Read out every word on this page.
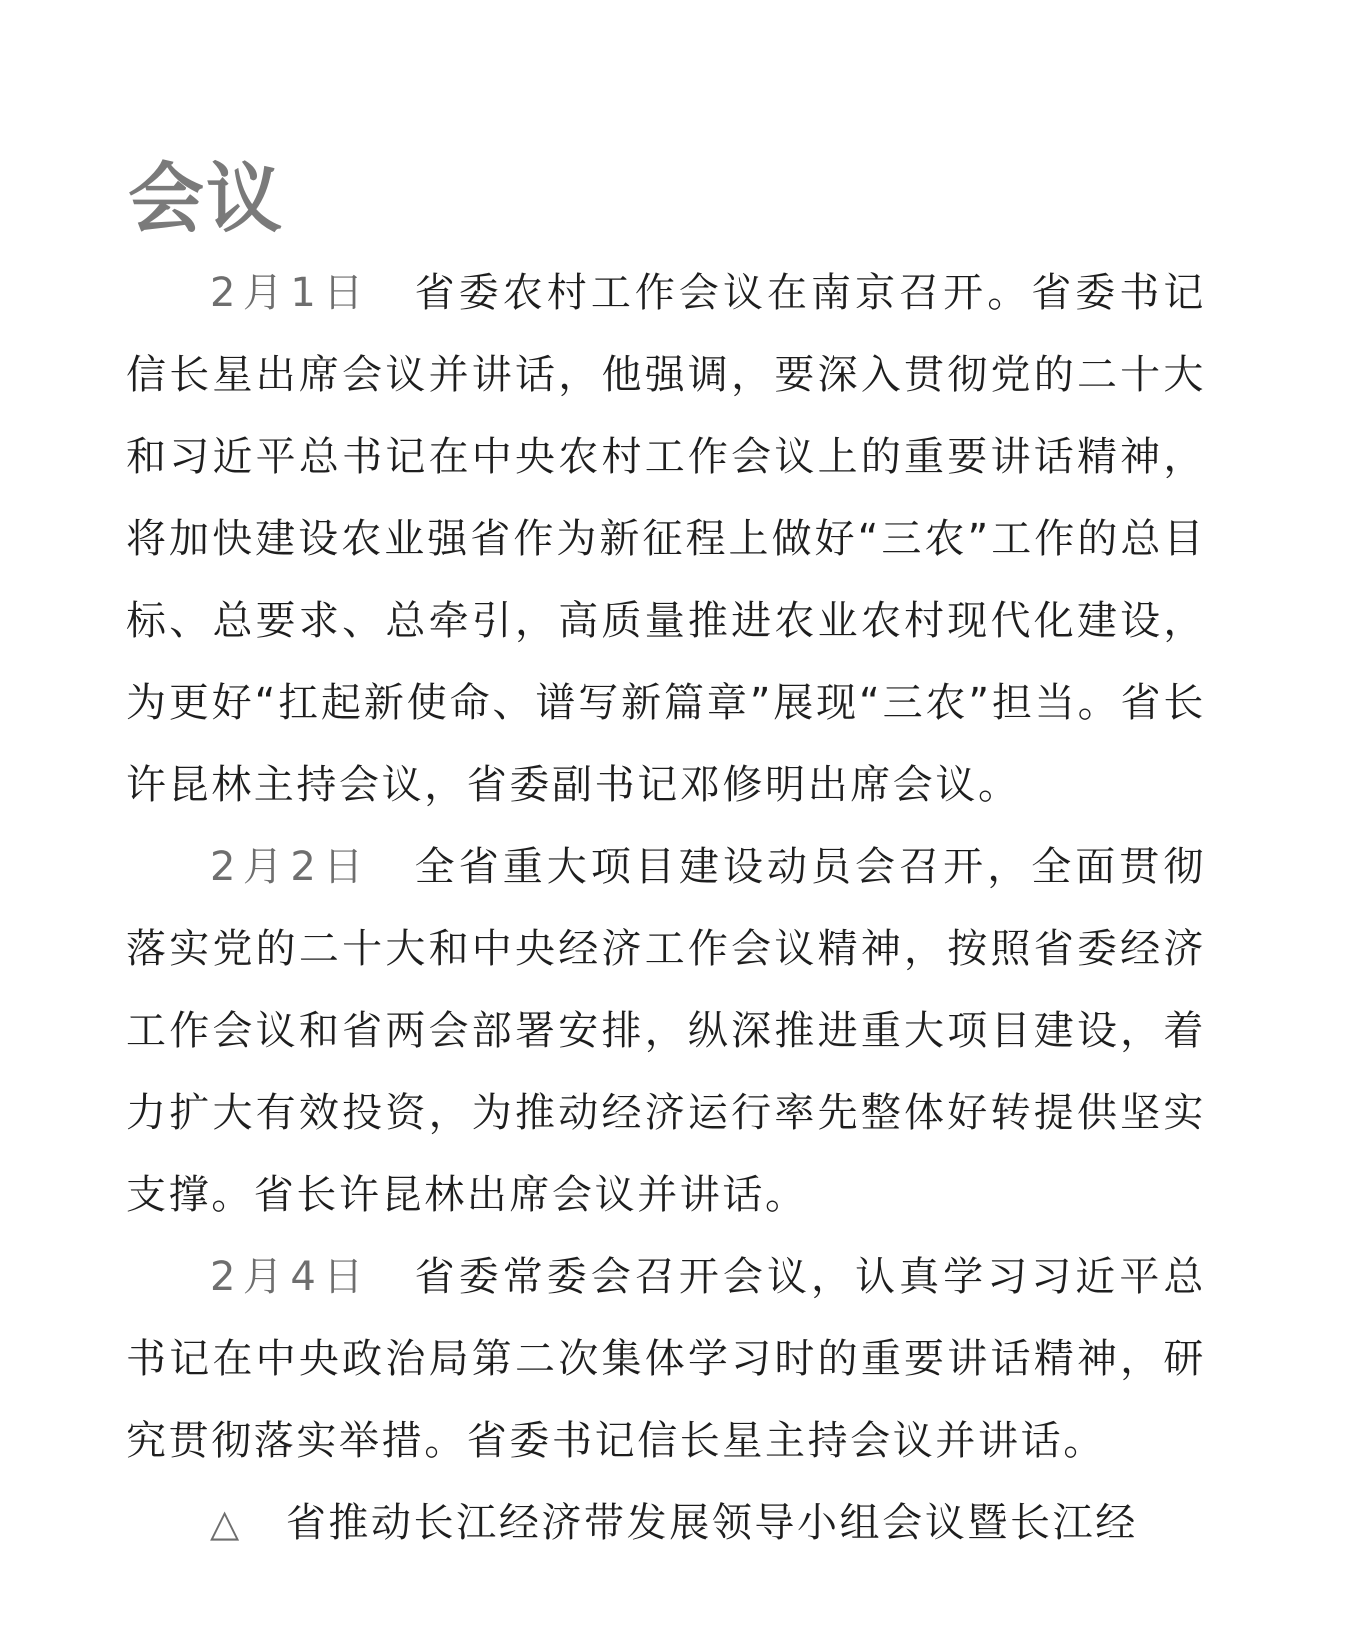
会议

2月1日 省委农村工作会议在南京召开。省委书记信长星出席会议并讲话，他强调，要深入贯彻党的二十大和习近平总书记在中央农村工作会议上的重要讲话精神，将加快建设农业强省作为新征程上做好“三农”工作的总目标、总要求、总牵引，高质量推进农业农村现代化建设，为更好“扛起新使命、谱写新篇章”展现“三农”担当。省长许昆林主持会议，省委副书记邓修明出席会议。

2月2日 全省重大项目建设动员会召开，全面贯彻落实党的二十大和中央经济工作会议精神，按照省委经济工作会议和省两会部署安排，纵深推进重大项目建设，着力扩大有效投资，为推动经济运行率先整体好转提供坚实支撑。省长许昆林出席会议并讲话。

2月4日 省委常委会召开会议，认真学习习近平总书记在中央政治局第二次集体学习时的重要讲话精神，研究贯彻落实举措。省委书记信长星主持会议并讲话。

△ 省推动长江经济带发展领导小组会议暨长江经
